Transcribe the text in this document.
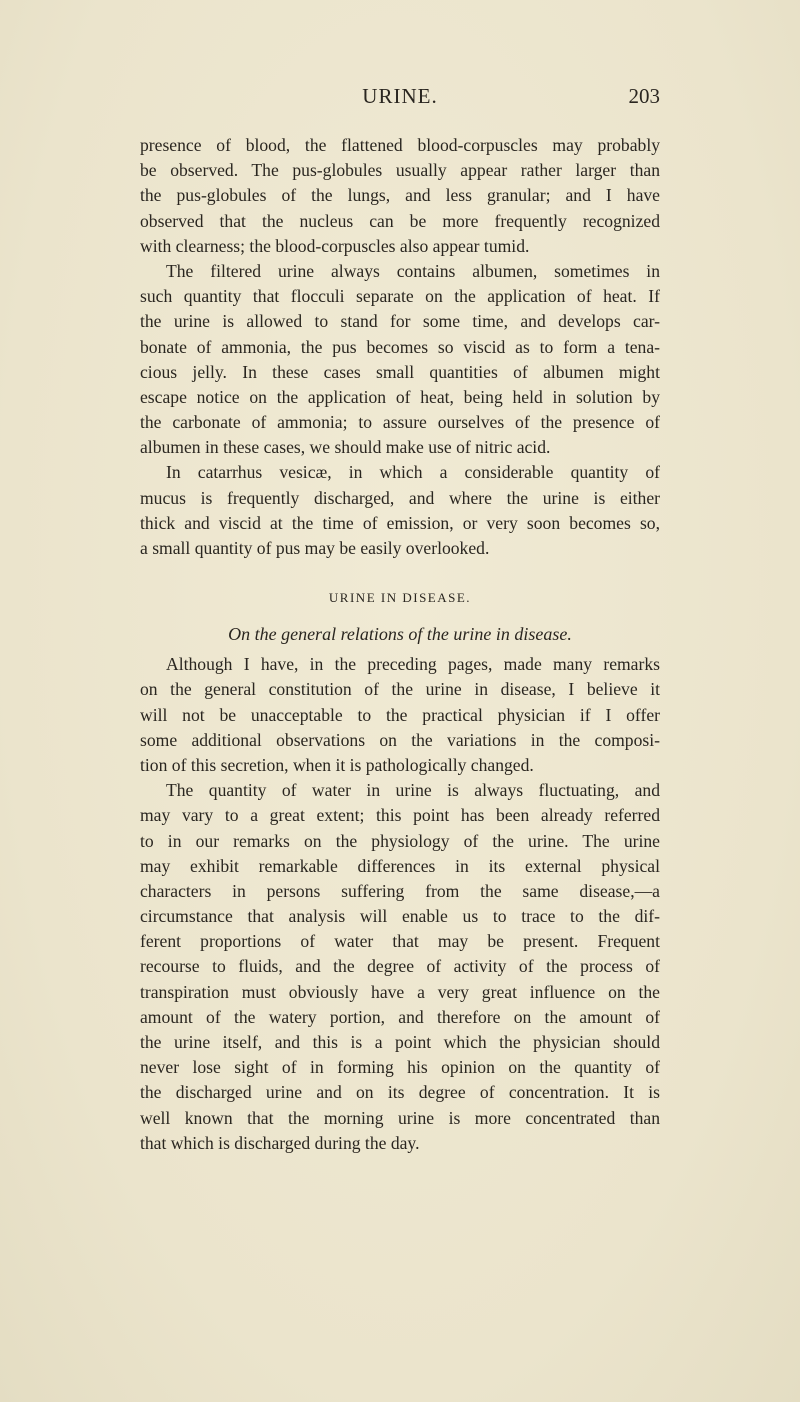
URINE.	203
presence of blood, the flattened blood-corpuscles may probably
be observed. The pus-globules usually appear rather larger than
the pus-globules of the lungs, and less granular; and I have
observed that the nucleus can be more frequently recognized
with clearness; the blood-corpuscles also appear tumid.
The filtered urine always contains albumen, sometimes in
such quantity that flocculi separate on the application of heat. If
the urine is allowed to stand for some time, and develops car-
bonate of ammonia, the pus becomes so viscid as to form a tena-
cious jelly. In these cases small quantities of albumen might
escape notice on the application of heat, being held in solution by
the carbonate of ammonia; to assure ourselves of the presence of
albumen in these cases, we should make use of nitric acid.
In catarrhus vesicæ, in which a considerable quantity of
mucus is frequently discharged, and where the urine is either
thick and viscid at the time of emission, or very soon becomes so,
a small quantity of pus may be easily overlooked.
URINE IN DISEASE.
On the general relations of the urine in disease.
Although I have, in the preceding pages, made many remarks
on the general constitution of the urine in disease, I believe it
will not be unacceptable to the practical physician if I offer
some additional observations on the variations in the composi-
tion of this secretion, when it is pathologically changed.
The quantity of water in urine is always fluctuating, and
may vary to a great extent; this point has been already referred
to in our remarks on the physiology of the urine. The urine
may exhibit remarkable differences in its external physical
characters in persons suffering from the same disease,—a
circumstance that analysis will enable us to trace to the dif-
ferent proportions of water that may be present. Frequent
recourse to fluids, and the degree of activity of the process of
transpiration must obviously have a very great influence on the
amount of the watery portion, and therefore on the amount of
the urine itself, and this is a point which the physician should
never lose sight of in forming his opinion on the quantity of
the discharged urine and on its degree of concentration. It is
well known that the morning urine is more concentrated than
that which is discharged during the day.
